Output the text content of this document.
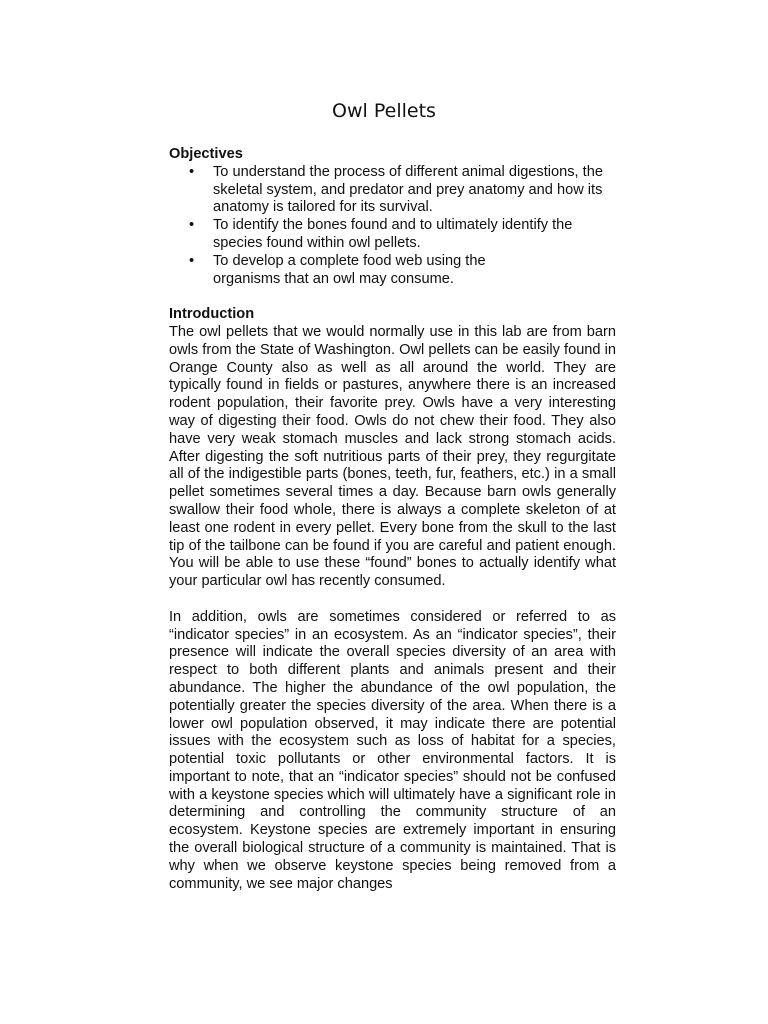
Owl Pellets
Objectives
• To understand the process of different animal digestions, the skeletal system, and predator and prey anatomy and how its anatomy is tailored for its survival.
• To identify the bones found and to ultimately identify the species found within owl pellets.
• To develop a complete food web using the organisms that an owl may consume.
Introduction

The owl pellets that we would normally use in this lab are from barn owls from the State of Washington. Owl pellets can be easily found in Orange County also as well as all around the world. They are typically found in fields or pastures, anywhere there is an increased rodent population, their favorite prey. Owls have a very interesting way of digesting their food. Owls do not chew their food. They also have very weak stomach muscles and lack strong stomach acids. After digesting the soft nutritious parts of their prey, they regurgitate all of the indigestible parts (bones, teeth, fur, feathers, etc.) in a small pellet sometimes several times a day. Because barn owls generally swallow their food whole, there is always a complete skeleton of at least one rodent in every pellet. Every bone from the skull to the last tip of the tailbone can be found if you are careful and patient enough. You will be able to use these “found” bones to actually identify what your particular owl has recently consumed.

In addition, owls are sometimes considered or referred to as “indicator species” in an ecosystem. As an “indicator species”, their presence will indicate the overall species diversity of an area with respect to both different plants and animals present and their abundance. The higher the abundance of the owl population, the potentially greater the species diversity of the area. When there is a lower owl population observed, it may indicate there are potential issues with the ecosystem such as loss of habitat for a species, potential toxic pollutants or other environmental factors. It is important to note, that an “indicator species” should not be confused with a keystone species which will ultimately have a significant role in determining and controlling the community structure of an ecosystem. Keystone species are extremely important in ensuring the overall biological structure of a community is maintained. That is why when we observe keystone species being removed from a community, we see major changes
